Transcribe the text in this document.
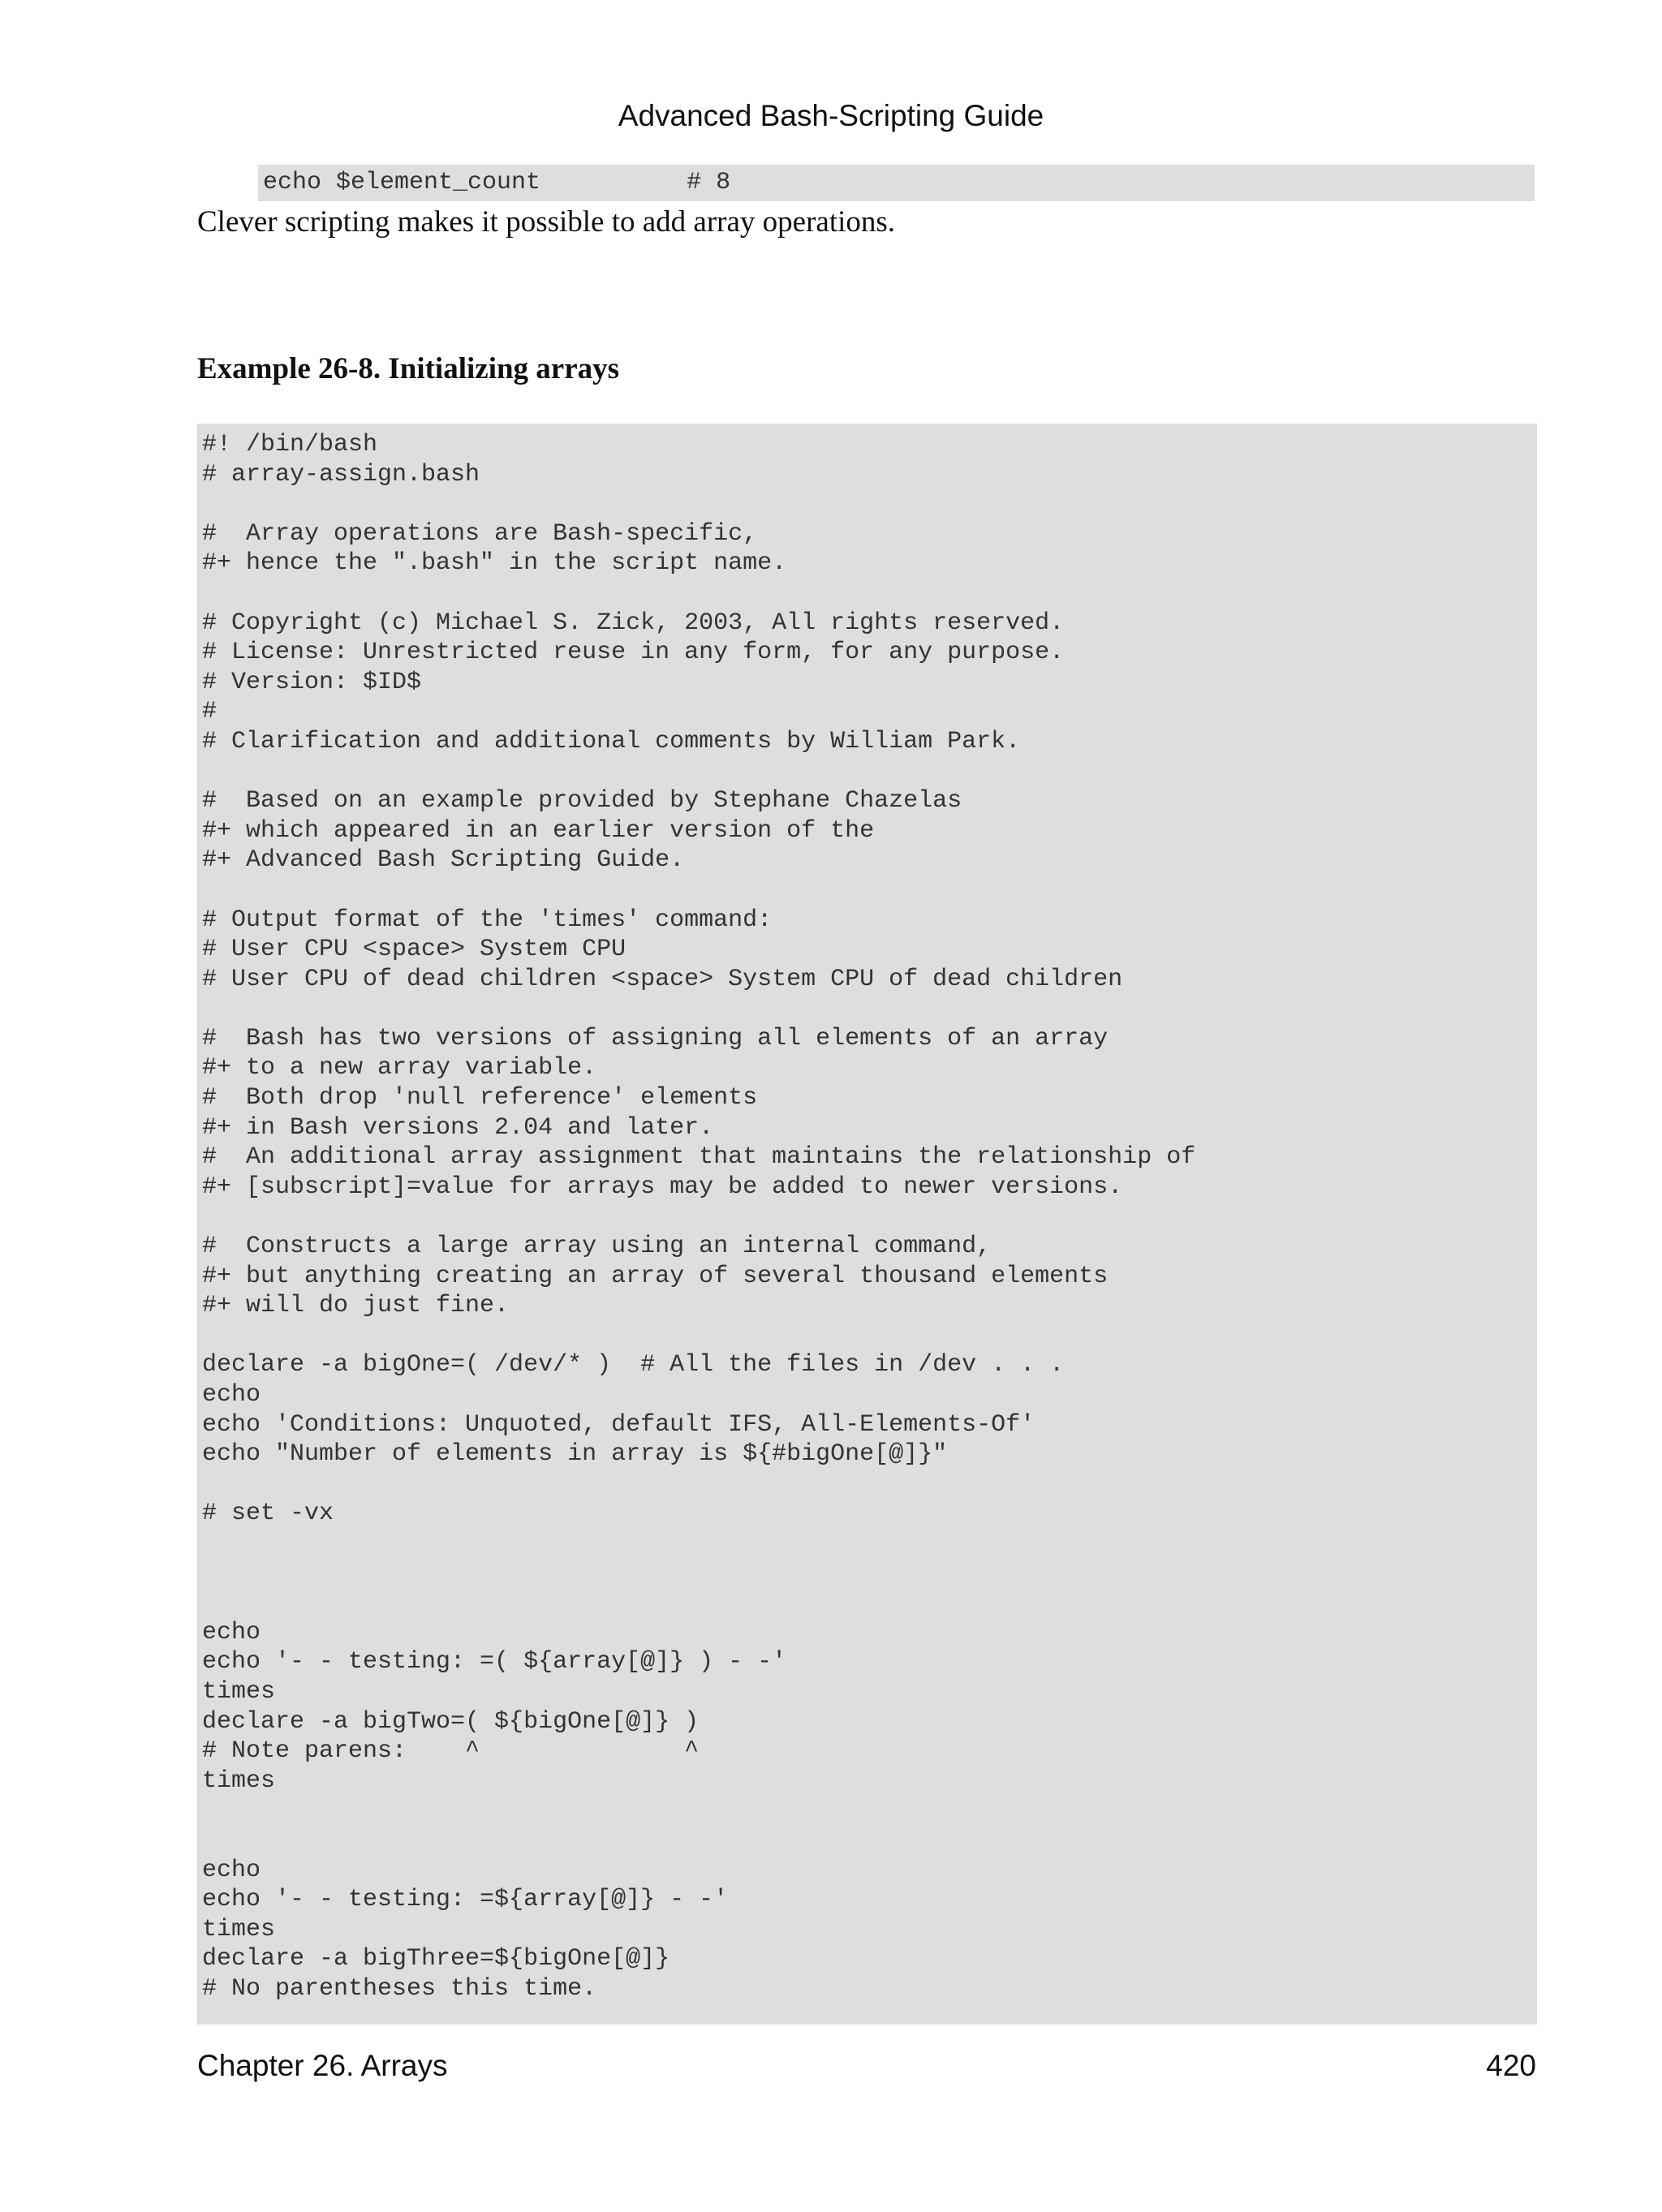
Advanced Bash-Scripting Guide
echo $element_count          # 8
Clever scripting makes it possible to add array operations.
Example 26-8. Initializing arrays
#! /bin/bash
# array-assign.bash

#  Array operations are Bash-specific,
#+ hence the ".bash" in the script name.

# Copyright (c) Michael S. Zick, 2003, All rights reserved.
# License: Unrestricted reuse in any form, for any purpose.
# Version: $ID$
#
# Clarification and additional comments by William Park.

#  Based on an example provided by Stephane Chazelas
#+ which appeared in an earlier version of the
#+ Advanced Bash Scripting Guide.

# Output format of the 'times' command:
# User CPU <space> System CPU
# User CPU of dead children <space> System CPU of dead children

#  Bash has two versions of assigning all elements of an array
#+ to a new array variable.
#  Both drop 'null reference' elements
#+ in Bash versions 2.04 and later.
#  An additional array assignment that maintains the relationship of
#+ [subscript]=value for arrays may be added to newer versions.

#  Constructs a large array using an internal command,
#+ but anything creating an array of several thousand elements
#+ will do just fine.

declare -a bigOne=( /dev/* )  # All the files in /dev . . .
echo
echo 'Conditions: Unquoted, default IFS, All-Elements-Of'
echo "Number of elements in array is ${#bigOne[@]}"

# set -vx

echo
echo '- - testing: =( ${array[@]} ) - -'
times
declare -a bigTwo=( ${bigOne[@]} )
# Note parens:    ^              ^
times

echo
echo '- - testing: =${array[@]} - -'
times
declare -a bigThree=${bigOne[@]}
# No parentheses this time.
Chapter 26. Arrays	420
